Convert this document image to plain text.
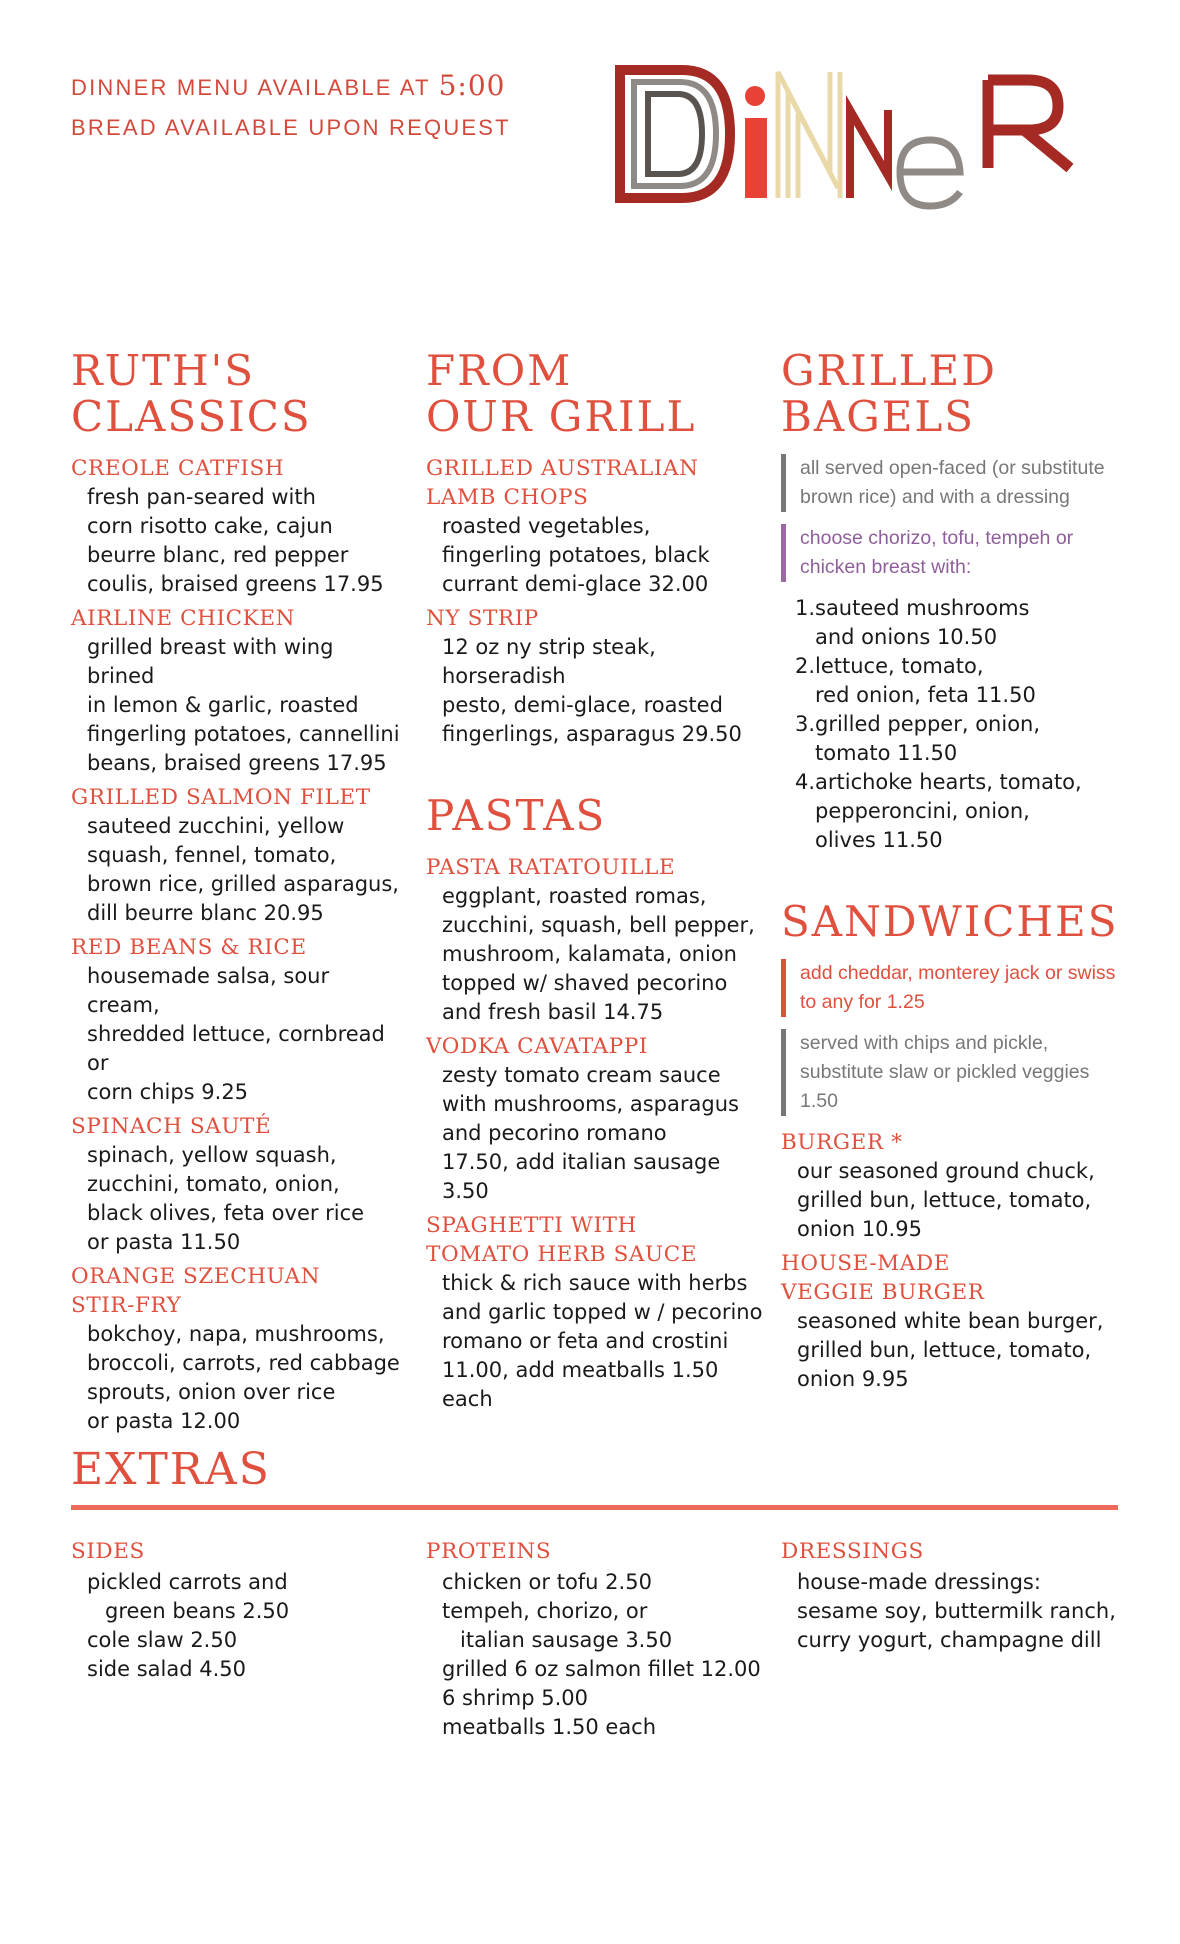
DINNER MENU AVAILABLE AT 5:00
BREAD AVAILABLE UPON REQUEST
RUTH'S
CLASSICS
CREOLE CATFISH
fresh pan-seared with
corn risotto cake, cajun
beurre blanc, red pepper
coulis, braised greens 17.95
AIRLINE CHICKEN
grilled breast with wing brined
in lemon & garlic, roasted
fingerling potatoes, cannellini
beans, braised greens 17.95
GRILLED SALMON FILET
sauteed zucchini, yellow
squash, fennel, tomato,
brown rice, grilled asparagus,
dill beurre blanc 20.95
RED BEANS & RICE
housemade salsa, sour cream,
shredded lettuce, cornbread or
corn chips 9.25
SPINACH SAUTÉ
spinach, yellow squash,
zucchini, tomato, onion,
black olives, feta over rice
or pasta 11.50
ORANGE SZECHUAN
STIR-FRY
bokchoy, napa, mushrooms,
broccoli, carrots, red cabbage
sprouts, onion over rice
or pasta 12.00
FROM
OUR GRILL
GRILLED AUSTRALIAN
LAMB CHOPS
roasted vegetables,
fingerling potatoes, black
currant demi-glace 32.00
NY STRIP
12 oz ny strip steak, horseradish
pesto, demi-glace, roasted
fingerlings, asparagus 29.50
PASTAS
PASTA RATATOUILLE
eggplant, roasted romas,
zucchini, squash, bell pepper,
mushroom, kalamata, onion
topped w/ shaved pecorino
and fresh basil 14.75
VODKA CAVATAPPI
zesty tomato cream sauce
with mushrooms, asparagus
and pecorino romano
17.50, add italian sausage 3.50
SPAGHETTI WITH
TOMATO HERB SAUCE
thick & rich sauce with herbs
and garlic topped w / pecorino
romano or feta and crostini
11.00, add meatballs 1.50 each
GRILLED
BAGELS
all served open-faced (or substitute
brown rice) and with a dressing
choose chorizo, tofu, tempeh or
chicken breast with:
1. sauteed mushrooms
and onions 10.50
2. lettuce, tomato,
red onion, feta 11.50
3. grilled pepper, onion,
tomato 11.50
4. artichoke hearts, tomato,
pepperoncini, onion,
olives 11.50
SANDWICHES
add cheddar, monterey jack or swiss
to any for 1.25
served with chips and pickle,
substitute slaw or pickled veggies 1.50
BURGER *
our seasoned ground chuck,
grilled bun, lettuce, tomato,
onion 10.95
HOUSE-MADE
VEGGIE BURGER
seasoned white bean burger,
grilled bun, lettuce, tomato,
onion 9.95
EXTRAS
SIDES
pickled carrots and
green beans 2.50
cole slaw 2.50
side salad 4.50
PROTEINS
chicken or tofu 2.50
tempeh, chorizo, or
italian sausage 3.50
grilled 6 oz salmon fillet 12.00
6 shrimp 5.00
meatballs 1.50 each
DRESSINGS
house-made dressings:
sesame soy, buttermilk ranch,
curry yogurt, champagne dill
